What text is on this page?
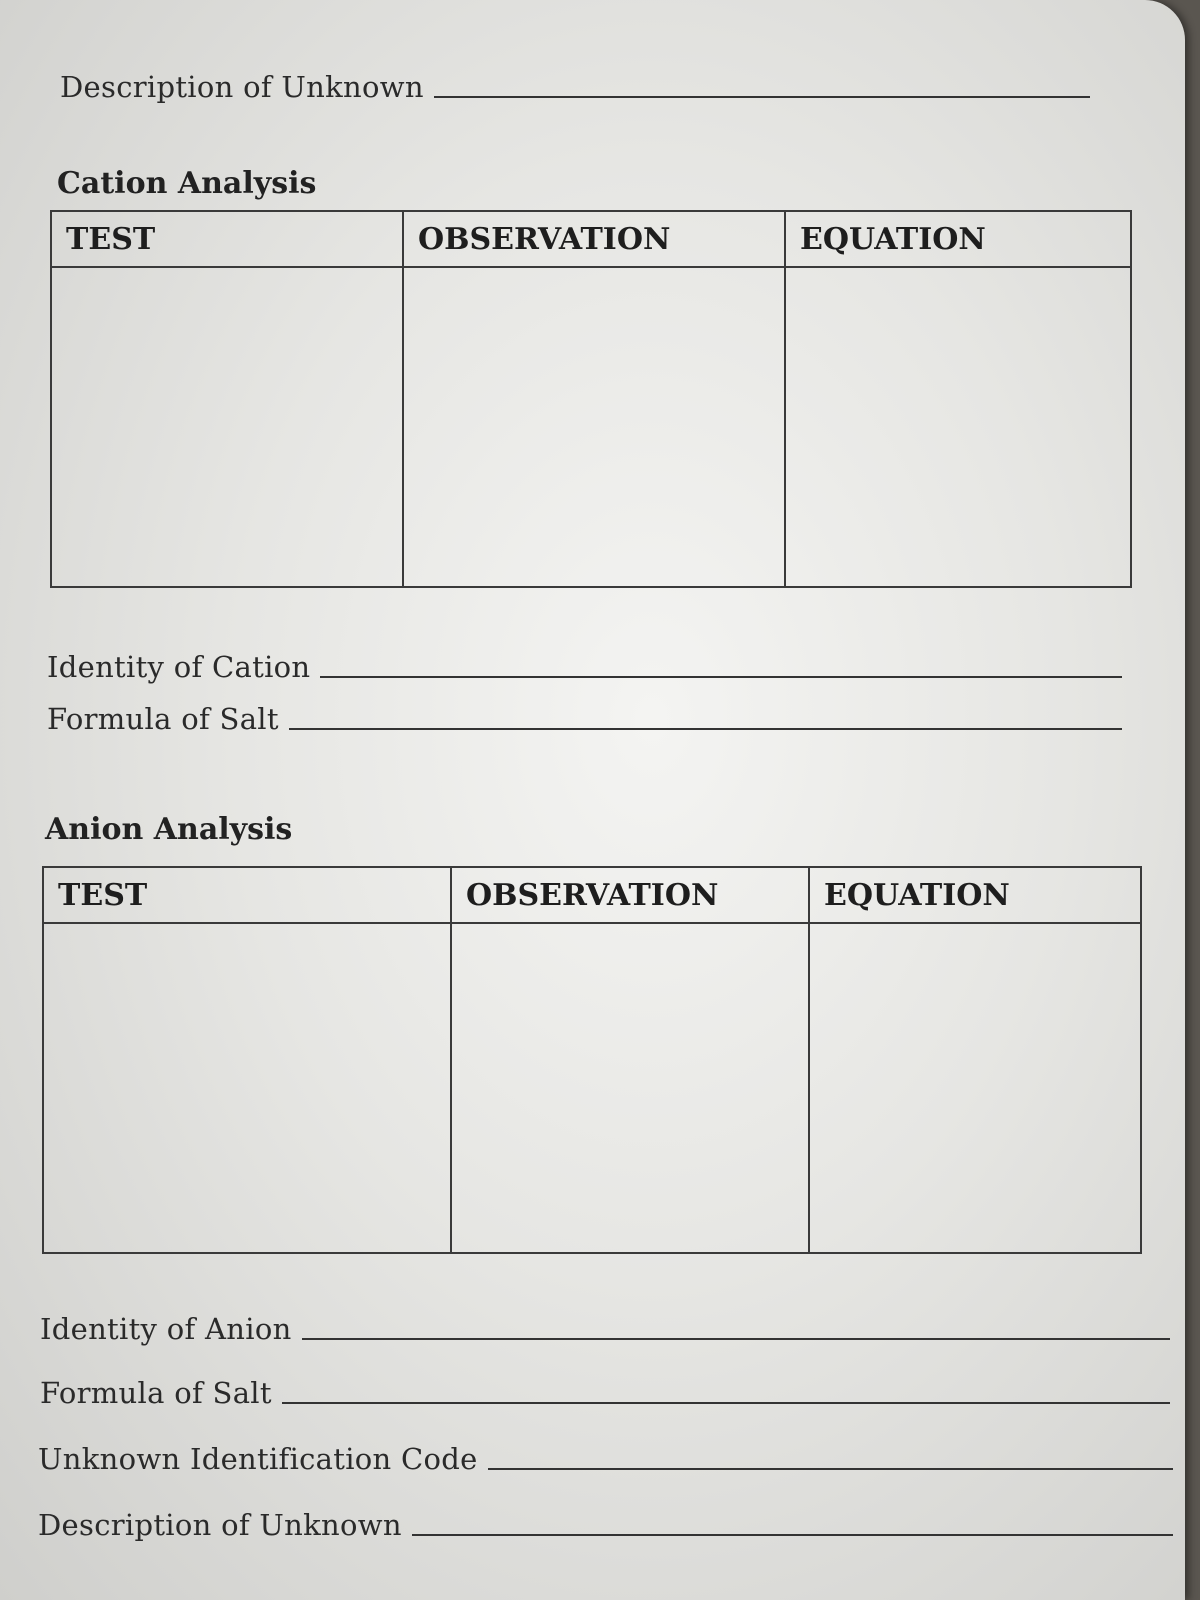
Description of Unknown
Cation Analysis
TEST	OBSERVATION	EQUATION

Identity of Cation
Formula of Salt
Anion Analysis
TEST	OBSERVATION	EQUATION

Identity of Anion
Formula of Salt
Unknown Identification Code
Description of Unknown
